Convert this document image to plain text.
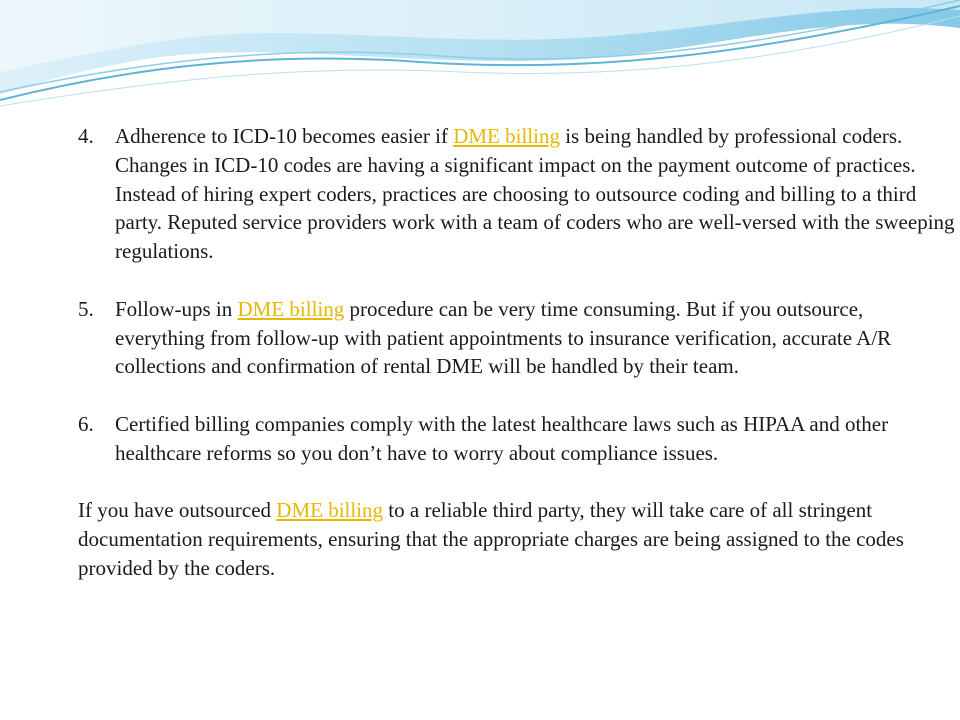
4.	Adherence to ICD-10 becomes easier if DME billing is being handled by professional coders. Changes in ICD-10 codes are having a significant impact on the payment outcome of practices. Instead of hiring expert coders, practices are choosing to outsource coding and billing to a third party. Reputed service providers work with a team of coders who are well-versed with the sweeping regulations.
5.	Follow-ups in DME billing procedure can be very time consuming. But if you outsource, everything from follow-up with patient appointments to insurance verification, accurate A/R collections and confirmation of rental DME will be handled by their team.
6.	Certified billing companies comply with the latest healthcare laws such as HIPAA and other healthcare reforms so you don’t have to worry about compliance issues.

If you have outsourced DME billing to a reliable third party, they will take care of all stringent documentation requirements, ensuring that the appropriate charges are being assigned to the codes provided by the coders.
